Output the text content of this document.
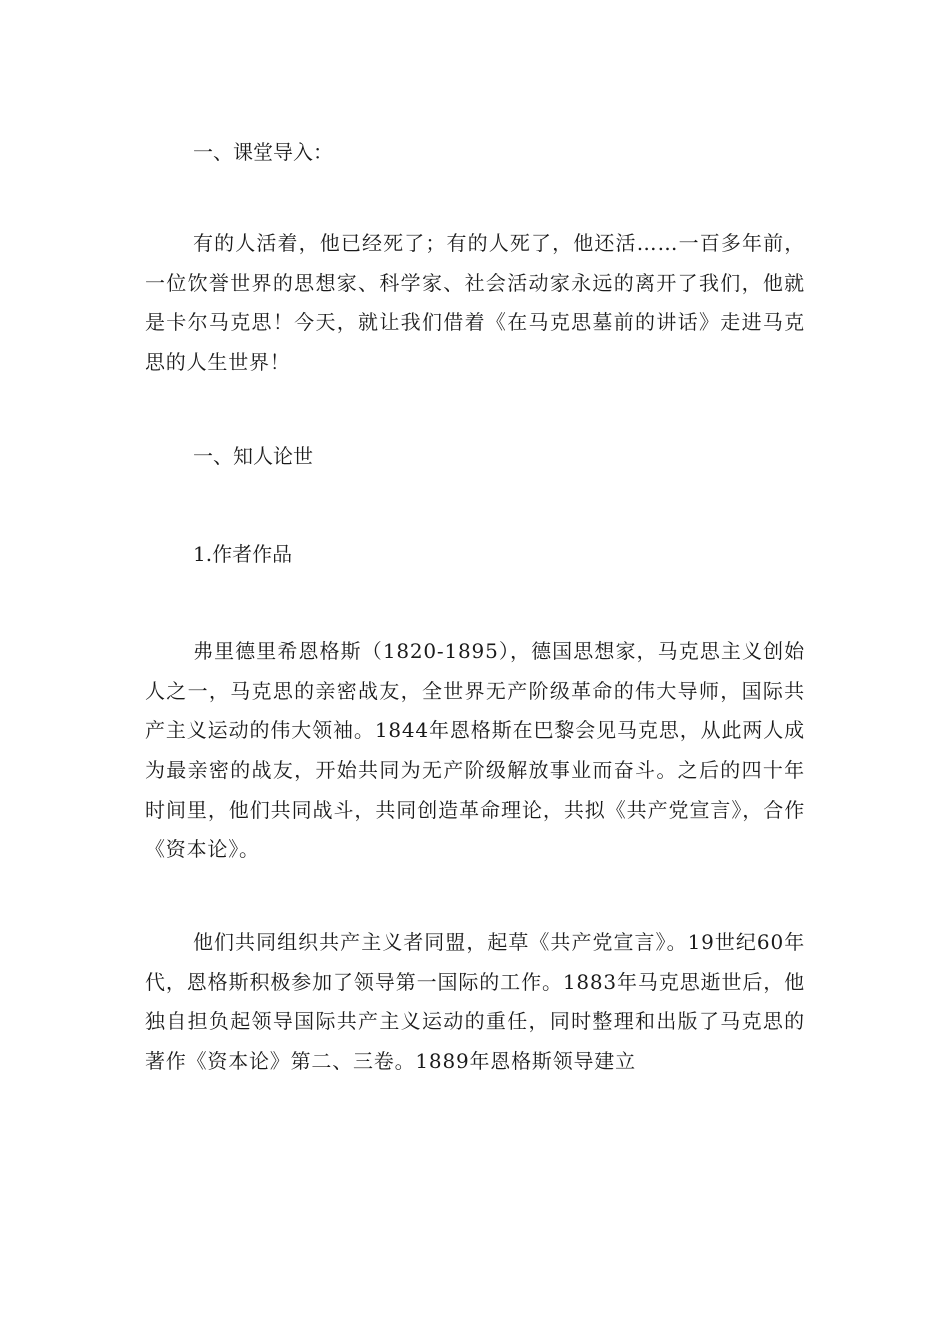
一、课堂导入：

有的人活着，他已经死了；有的人死了，他还活……一百多年前，一位饮誉世界的思想家、科学家、社会活动家永远的离开了我们，他就是卡尔马克思！今天，就让我们借着《在马克思墓前的讲话》走进马克思的人生世界！

一、知人论世

1.作者作品

弗里德里希恩格斯（1820-1895），德国思想家，马克思主义创始人之一，马克思的亲密战友，全世界无产阶级革命的伟大导师，国际共产主义运动的伟大领袖。1844年恩格斯在巴黎会见马克思，从此两人成为最亲密的战友，开始共同为无产阶级解放事业而奋斗。之后的四十年时间里，他们共同战斗，共同创造革命理论，共拟《共产党宣言》，合作《资本论》。

他们共同组织共产主义者同盟，起草《共产党宣言》。19世纪60年代，恩格斯积极参加了领导第一国际的工作。1883年马克思逝世后，他独自担负起领导国际共产主义运动的重任，同时整理和出版了马克思的著作《资本论》第二、三卷。1889年恩格斯领导建立
